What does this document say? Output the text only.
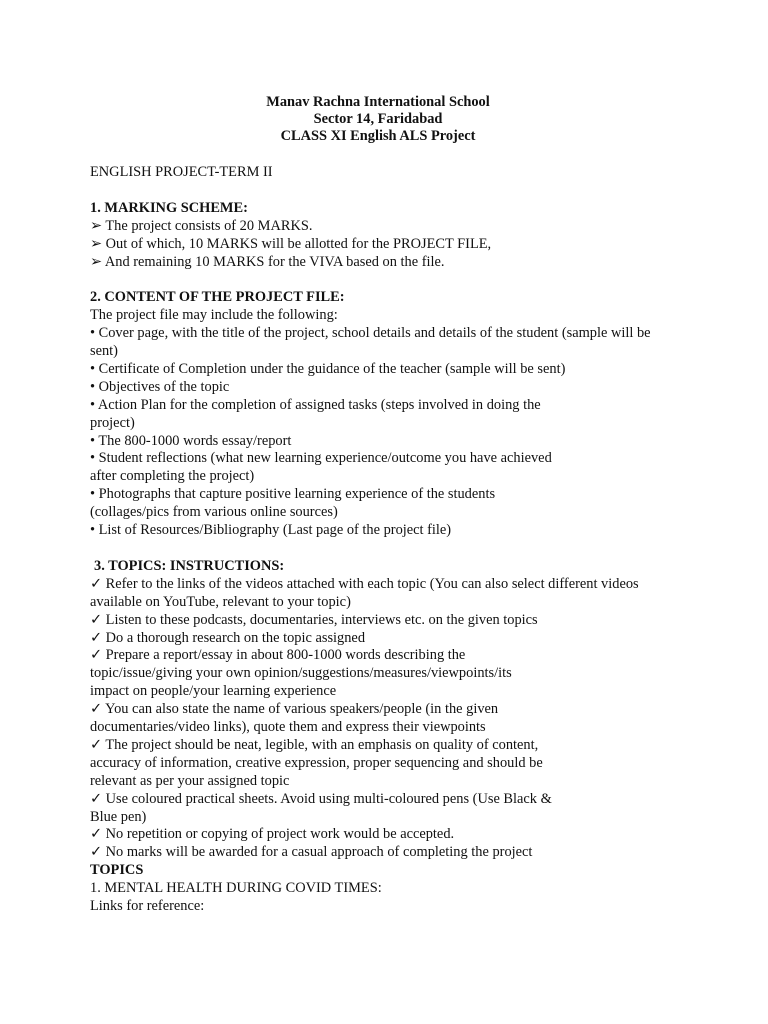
Manav Rachna International School
Sector 14, Faridabad
CLASS XI English ALS Project
ENGLISH PROJECT-TERM II
1. MARKING SCHEME:
➢ The project consists of 20 MARKS.
➢ Out of which, 10 MARKS will be allotted for the PROJECT FILE,
➢ And remaining 10 MARKS for the VIVA based on the file.
2. CONTENT OF THE PROJECT FILE:
The project file may include the following:
• Cover page, with the title of the project, school details and details of the student (sample will be
sent)
• Certificate of Completion under the guidance of the teacher (sample will be sent)
• Objectives of the topic
• Action Plan for the completion of assigned tasks (steps involved in doing the
project)
• The 800-1000 words essay/report
• Student reflections (what new learning experience/outcome you have achieved
after completing the project)
• Photographs that capture positive learning experience of the students
(collages/pics from various online sources)
• List of Resources/Bibliography (Last page of the project file)
3. TOPICS: INSTRUCTIONS:
✓ Refer to the links of the videos attached with each topic (You can also select different videos
available on YouTube, relevant to your topic)
✓ Listen to these podcasts, documentaries, interviews etc. on the given topics
✓ Do a thorough research on the topic assigned
✓ Prepare a report/essay in about 800-1000 words describing the
topic/issue/giving your own opinion/suggestions/measures/viewpoints/its
impact on people/your learning experience
✓ You can also state the name of various speakers/people (in the given
documentaries/video links), quote them and express their viewpoints
✓ The project should be neat, legible, with an emphasis on quality of content,
accuracy of information, creative expression, proper sequencing and should be
relevant as per your assigned topic
✓ Use coloured practical sheets. Avoid using multi-coloured pens (Use Black &
Blue pen)
✓ No repetition or copying of project work would be accepted.
✓ No marks will be awarded for a casual approach of completing the project
TOPICS
1. MENTAL HEALTH DURING COVID TIMES:
Links for reference:
